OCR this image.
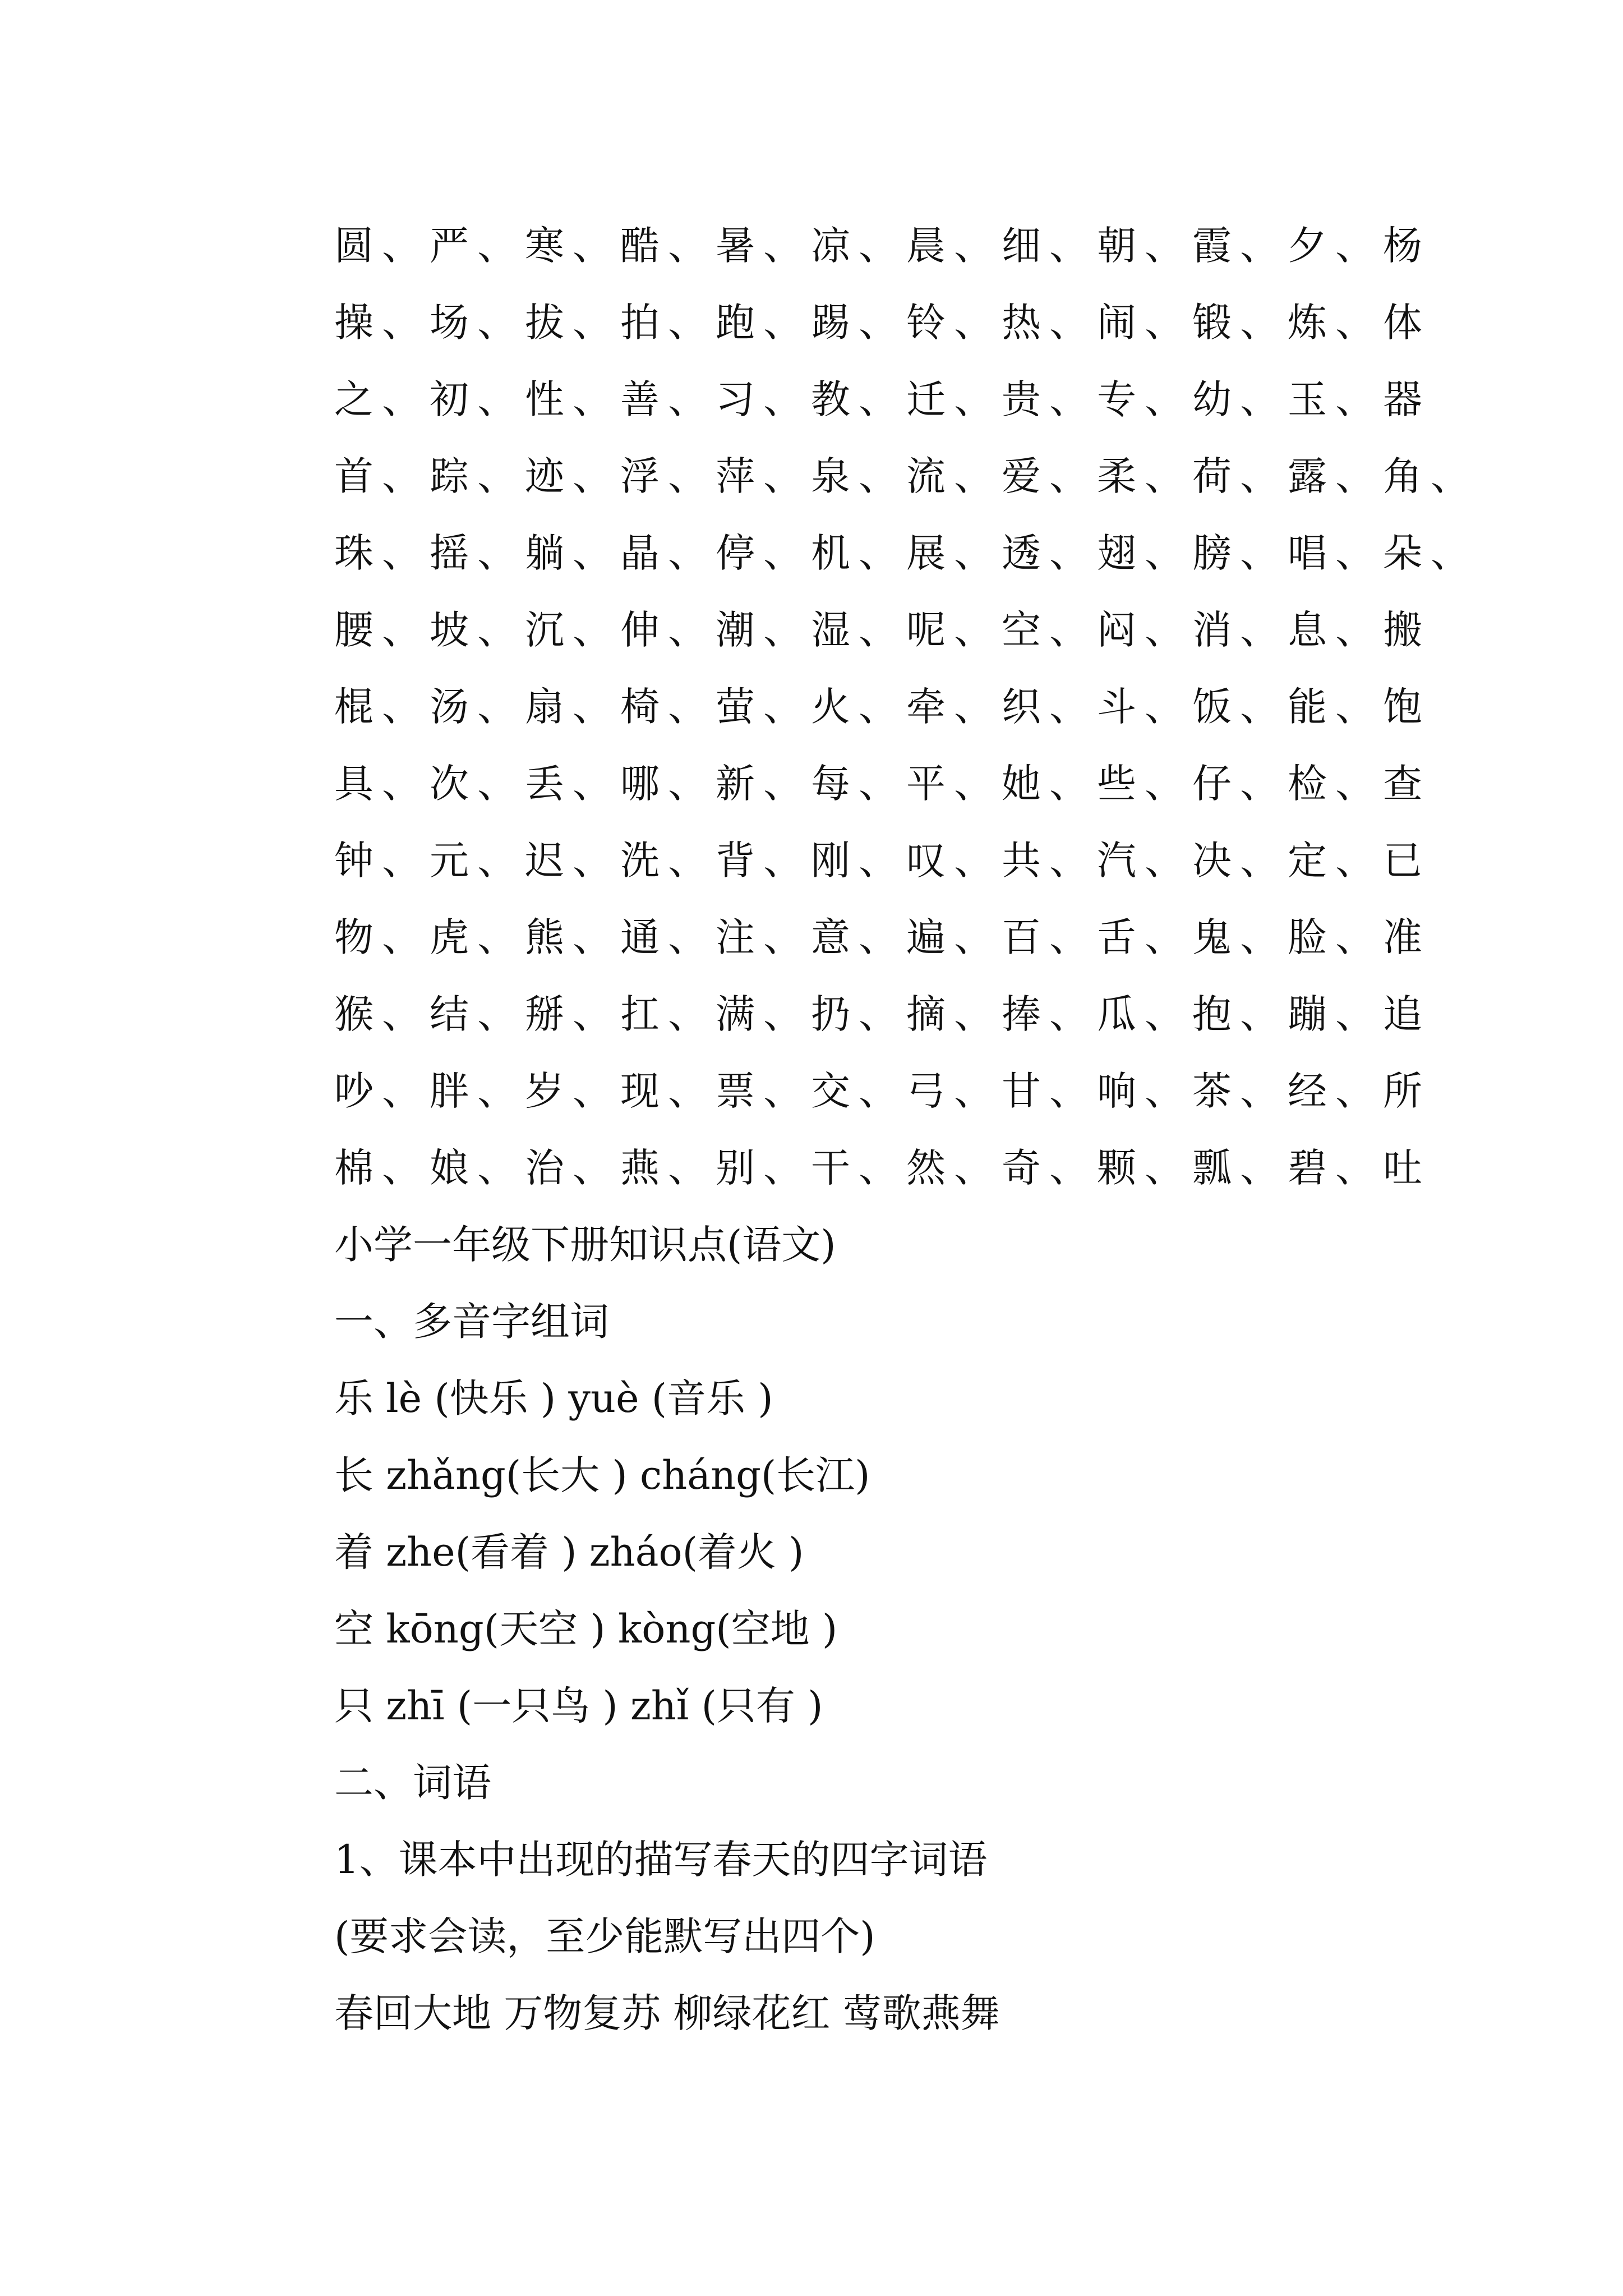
圆、严、寒、酷、暑、凉、晨、细、朝、霞、夕、杨
操、场、拔、拍、跑、踢、铃、热、闹、锻、炼、体
之、初、性、善、习、教、迁、贵、专、幼、玉、器
首、踪、迹、浮、萍、泉、流、爱、柔、荷、露、角、
珠、摇、躺、晶、停、机、展、透、翅、膀、唱、朵、
腰、坡、沉、伸、潮、湿、呢、空、闷、消、息、搬
棍、汤、扇、椅、萤、火、牵、织、斗、饭、能、饱
具、次、丢、哪、新、每、平、她、些、仔、检、查
钟、元、迟、洗、背、刚、叹、共、汽、决、定、已
物、虎、熊、通、注、意、遍、百、舌、鬼、脸、准
猴、结、掰、扛、满、扔、摘、捧、瓜、抱、蹦、追
吵、胖、岁、现、票、交、弓、甘、响、茶、经、所
棉、娘、治、燕、别、干、然、奇、颗、瓢、碧、吐
小学一年级下册知识点(语文)
一、多音字组词
乐 lè (快乐 ) yuè (音乐 )
长 zhǎng(长大 ) cháng(长江)
着 zhe(看着 ) zháo(着火 )
空 kōng(天空 ) kòng(空地 )
只 zhī (一只鸟 ) zhǐ (只有 )
二、词语
1、课本中出现的描写春天的四字词语
(要求会读，至少能默写出四个)
春回大地 万物复苏 柳绿花红 莺歌燕舞
